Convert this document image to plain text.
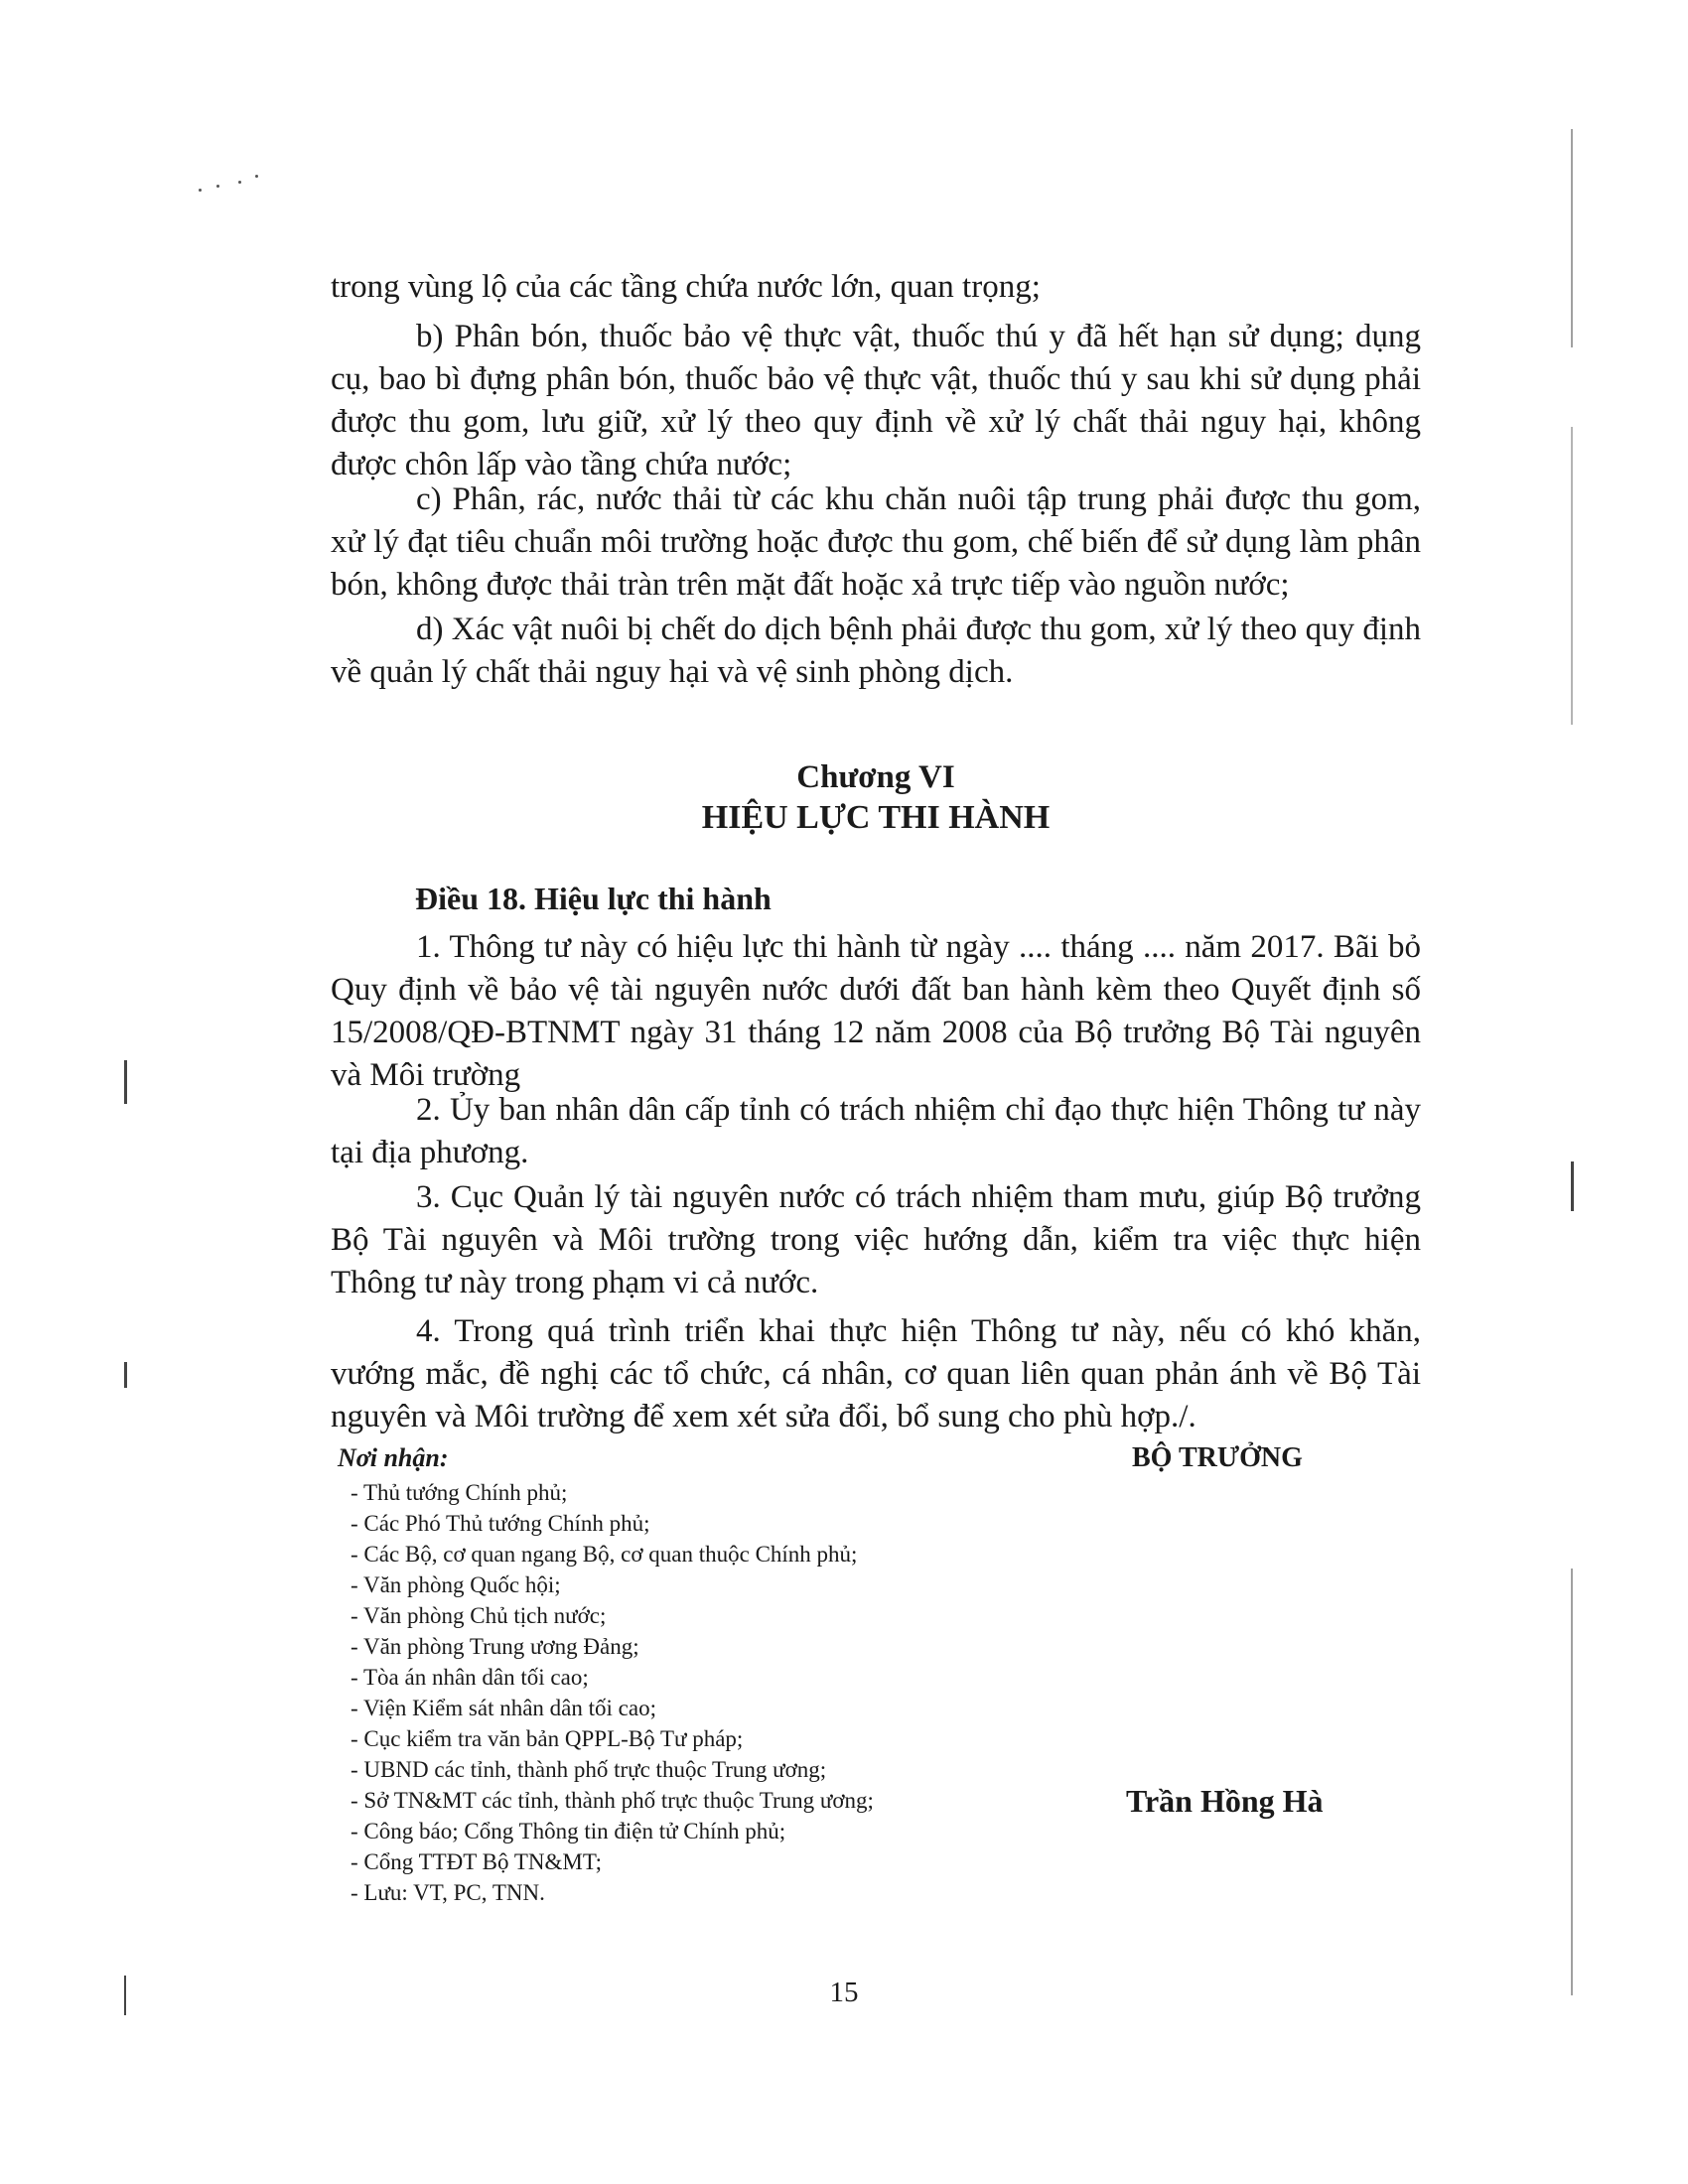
trong vùng lộ của các tầng chứa nước lớn, quan trọng;

b) Phân bón, thuốc bảo vệ thực vật, thuốc thú y đã hết hạn sử dụng; dụng cụ, bao bì đựng phân bón, thuốc bảo vệ thực vật, thuốc thú y sau khi sử dụng phải được thu gom, lưu giữ, xử lý theo quy định về xử lý chất thải nguy hại, không được chôn lấp vào tầng chứa nước;

c) Phân, rác, nước thải từ các khu chăn nuôi tập trung phải được thu gom, xử lý đạt tiêu chuẩn môi trường hoặc được thu gom, chế biến để sử dụng làm phân bón, không được thải tràn trên mặt đất hoặc xả trực tiếp vào nguồn nước;

d) Xác vật nuôi bị chết do dịch bệnh phải được thu gom, xử lý theo quy định về quản lý chất thải nguy hại và vệ sinh phòng dịch.

Chương VI
HIỆU LỰC THI HÀNH

Điều 18. Hiệu lực thi hành

1. Thông tư này có hiệu lực thi hành từ ngày .... tháng .... năm 2017. Bãi bỏ Quy định về bảo vệ tài nguyên nước dưới đất ban hành kèm theo Quyết định số 15/2008/QĐ-BTNMT ngày 31 tháng 12 năm 2008 của Bộ trưởng Bộ Tài nguyên và Môi trường

2. Ủy ban nhân dân cấp tỉnh có trách nhiệm chỉ đạo thực hiện Thông tư này tại địa phương.

3. Cục Quản lý tài nguyên nước có trách nhiệm tham mưu, giúp Bộ trưởng Bộ Tài nguyên và Môi trường trong việc hướng dẫn, kiểm tra việc thực hiện Thông tư này trong phạm vi cả nước.

4. Trong quá trình triển khai thực hiện Thông tư này, nếu có khó khăn, vướng mắc, đề nghị các tổ chức, cá nhân, cơ quan liên quan phản ánh về Bộ Tài nguyên và Môi trường để xem xét sửa đổi, bổ sung cho phù hợp./.

Nơi nhận:

- Thủ tướng Chính phủ;
- Các Phó Thủ tướng Chính phủ;
- Các Bộ, cơ quan ngang Bộ, cơ quan thuộc Chính phủ;
- Văn phòng Quốc hội;
- Văn phòng Chủ tịch nước;
- Văn phòng Trung ương Đảng;
- Tòa án nhân dân tối cao;
- Viện Kiểm sát nhân dân tối cao;
- Cục kiểm tra văn bản QPPL-Bộ Tư pháp;
- UBND các tỉnh, thành phố trực thuộc Trung ương;
- Sở TN&MT các tỉnh, thành phố trực thuộc Trung ương;
- Công báo; Cổng Thông tin điện tử Chính phủ;
- Cổng TTĐT Bộ TN&MT;
- Lưu: VT, PC, TNN.

BỘ TRƯỞNG

Trần Hồng Hà

15
